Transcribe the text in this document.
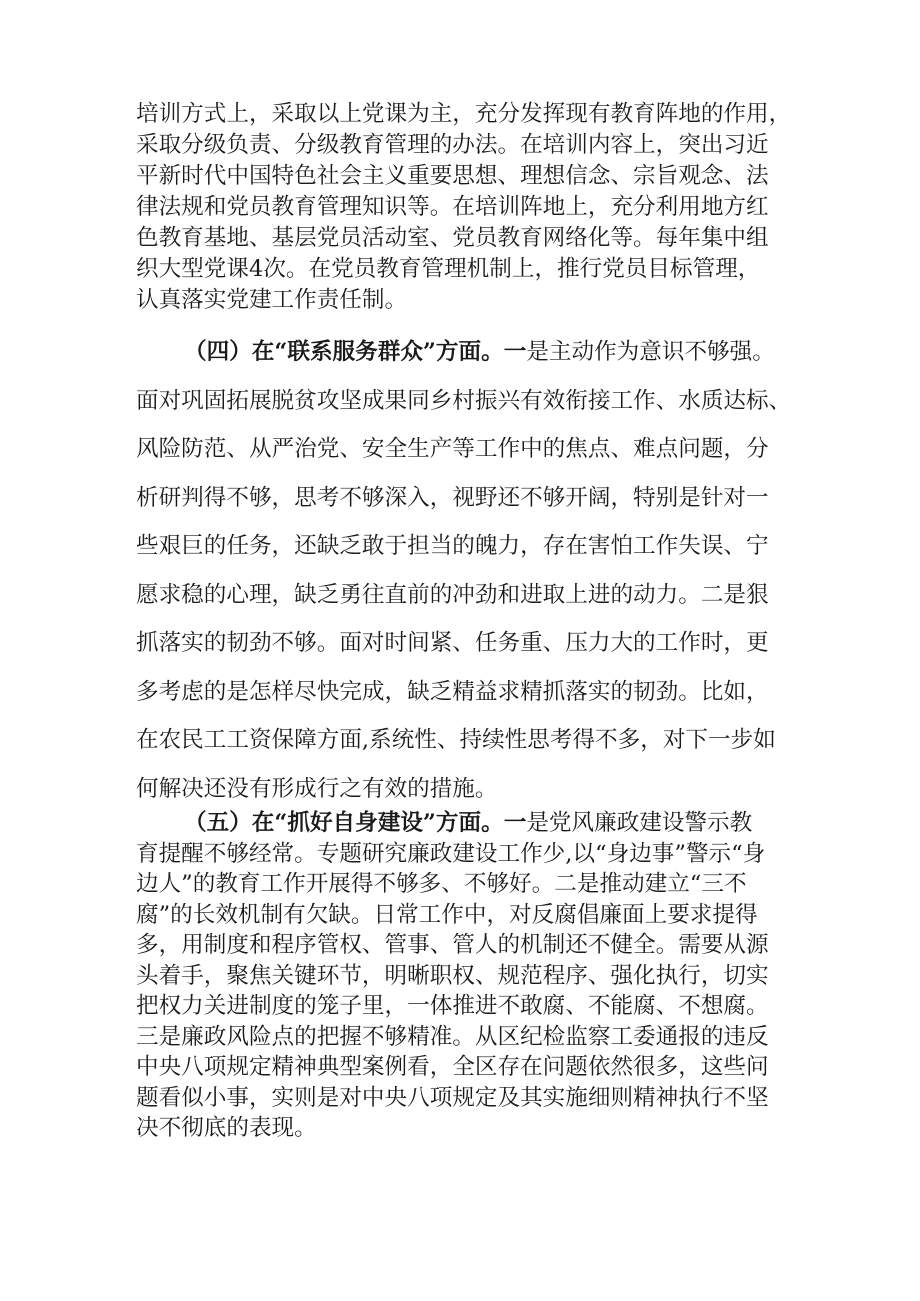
培训方式上，采取以上党课为主，充分发挥现有教育阵地的作用，
采取分级负责、分级教育管理的办法。在培训内容上，突出习近
平新时代中国特色社会主义重要思想、理想信念、宗旨观念、法
律法规和党员教育管理知识等。在培训阵地上，充分利用地方红
色教育基地、基层党员活动室、党员教育网络化等。每年集中组
织大型党课4次。在党员教育管理机制上，推行党员目标管理，
认真落实党建工作责任制。
（四）在“联系服务群众”方面。一是主动作为意识不够强。
面对巩固拓展脱贫攻坚成果同乡村振兴有效衔接工作、水质达标、
风险防范、从严治党、安全生产等工作中的焦点、难点问题，分
析研判得不够，思考不够深入，视野还不够开阔，特别是针对一
些艰巨的任务，还缺乏敢于担当的魄力，存在害怕工作失误、宁
愿求稳的心理，缺乏勇往直前的冲劲和进取上进的动力。二是狠
抓落实的韧劲不够。面对时间紧、任务重、压力大的工作时，更
多考虑的是怎样尽快完成，缺乏精益求精抓落实的韧劲。比如，
在农民工工资保障方面,系统性、持续性思考得不多，对下一步如
何解决还没有形成行之有效的措施。
（五）在“抓好自身建设”方面。一是党风廉政建设警示教
育提醒不够经常。专题研究廉政建设工作少,以“身边事”警示“身
边人”的教育工作开展得不够多、不够好。二是推动建立“三不
腐”的长效机制有欠缺。日常工作中，对反腐倡廉面上要求提得
多，用制度和程序管权、管事、管人的机制还不健全。需要从源
头着手，聚焦关键环节，明晰职权、规范程序、强化执行，切实
把权力关进制度的笼子里，一体推进不敢腐、不能腐、不想腐。
三是廉政风险点的把握不够精准。从区纪检监察工委通报的违反
中央八项规定精神典型案例看，全区存在问题依然很多，这些问
题看似小事，实则是对中央八项规定及其实施细则精神执行不坚
决不彻底的表现。
